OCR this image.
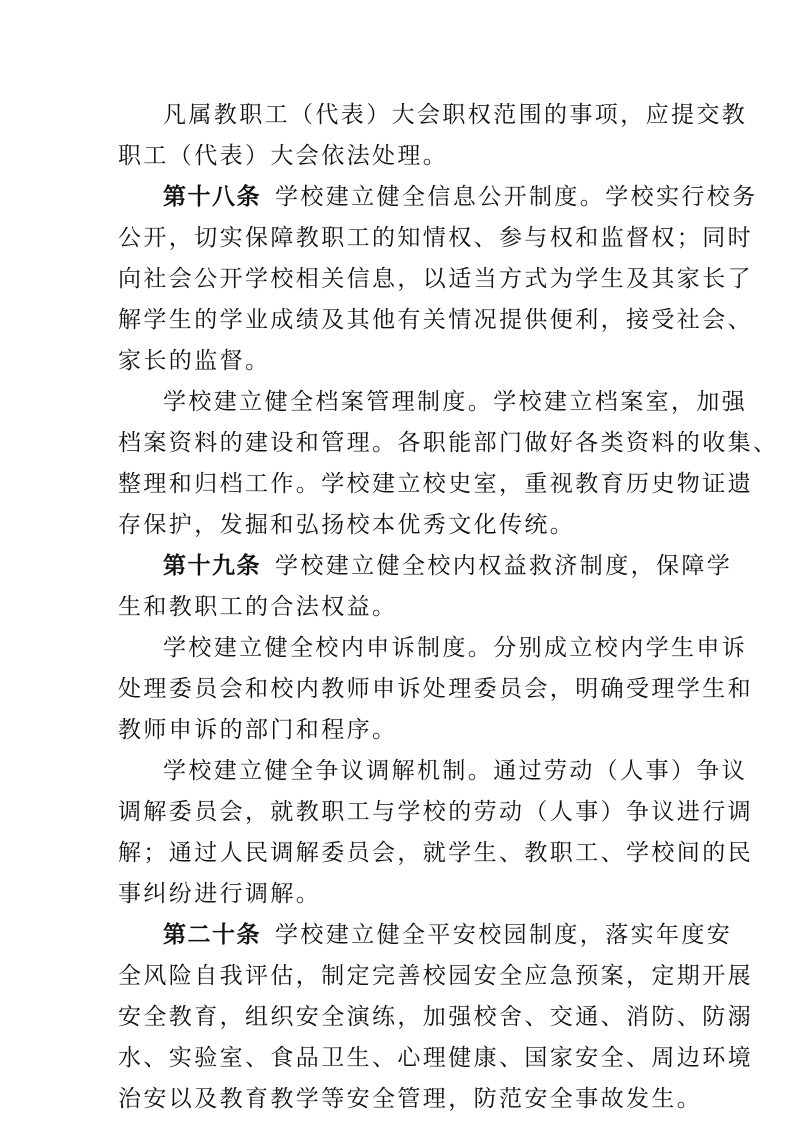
凡属教职工（代表）大会职权范围的事项，应提交教
职工（代表）大会依法处理。
第十八条 学校建立健全信息公开制度。学校实行校务
公开，切实保障教职工的知情权、参与权和监督权；同时
向社会公开学校相关信息，以适当方式为学生及其家长了
解学生的学业成绩及其他有关情况提供便利，接受社会、
家长的监督。
学校建立健全档案管理制度。学校建立档案室，加强
档案资料的建设和管理。各职能部门做好各类资料的收集、
整理和归档工作。学校建立校史室，重视教育历史物证遗
存保护，发掘和弘扬校本优秀文化传统。
第十九条 学校建立健全校内权益救济制度，保障学
生和教职工的合法权益。
学校建立健全校内申诉制度。分别成立校内学生申诉
处理委员会和校内教师申诉处理委员会，明确受理学生和
教师申诉的部门和程序。
学校建立健全争议调解机制。通过劳动（人事）争议
调解委员会，就教职工与学校的劳动（人事）争议进行调
解；通过人民调解委员会，就学生、教职工、学校间的民
事纠纷进行调解。
第二十条 学校建立健全平安校园制度，落实年度安
全风险自我评估，制定完善校园安全应急预案，定期开展
安全教育，组织安全演练，加强校舍、交通、消防、防溺
水、实验室、食品卫生、心理健康、国家安全、周边环境
治安以及教育教学等安全管理，防范安全事故发生。
